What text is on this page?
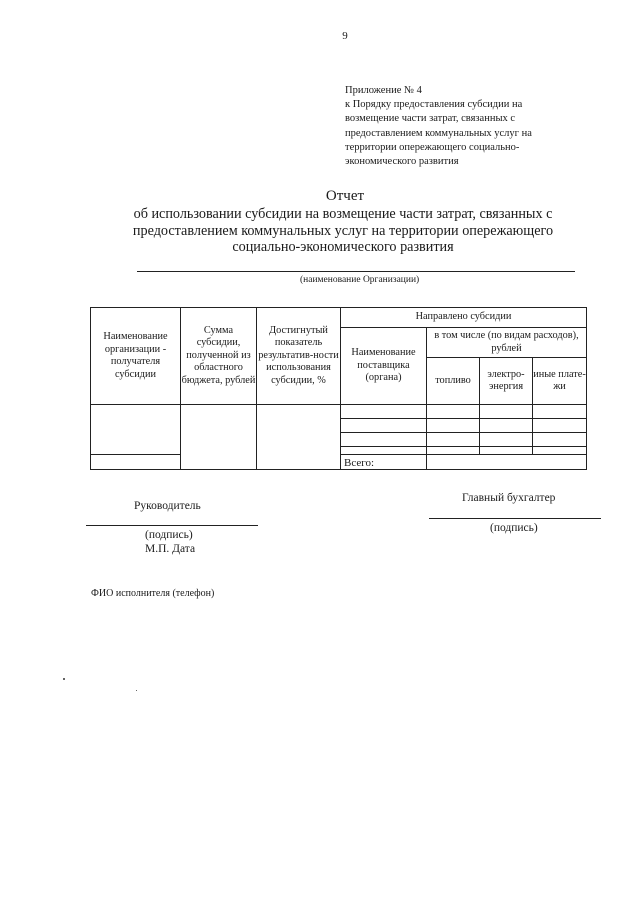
9
Приложение № 4
к Порядку предоставления субсидии на
возмещение части затрат, связанных с
предоставлением коммунальных услуг на
территории опережающего социально-
экономического развития
Отчет
об использовании субсидии на возмещение части затрат, связанных с предоставлением коммунальных услуг на территории опережающего социально-экономического развития
(наименование Организации)
Наименование организации - получателя субсидии	Сумма субсидии, полученной из областного бюджета, рублей	Достигнутый показатель результатив-ности использования субсидии, %	Направлено субсидии			
			Наименование поставщика (органа)	в том числе (по видам расходов), рублей		
				топливо	электро-энергия	иные плате-жи

			Всего:			
Руководитель
(подпись)
М.П. Дата
Главный бухгалтер
(подпись)
ФИО исполнителя (телефон)
